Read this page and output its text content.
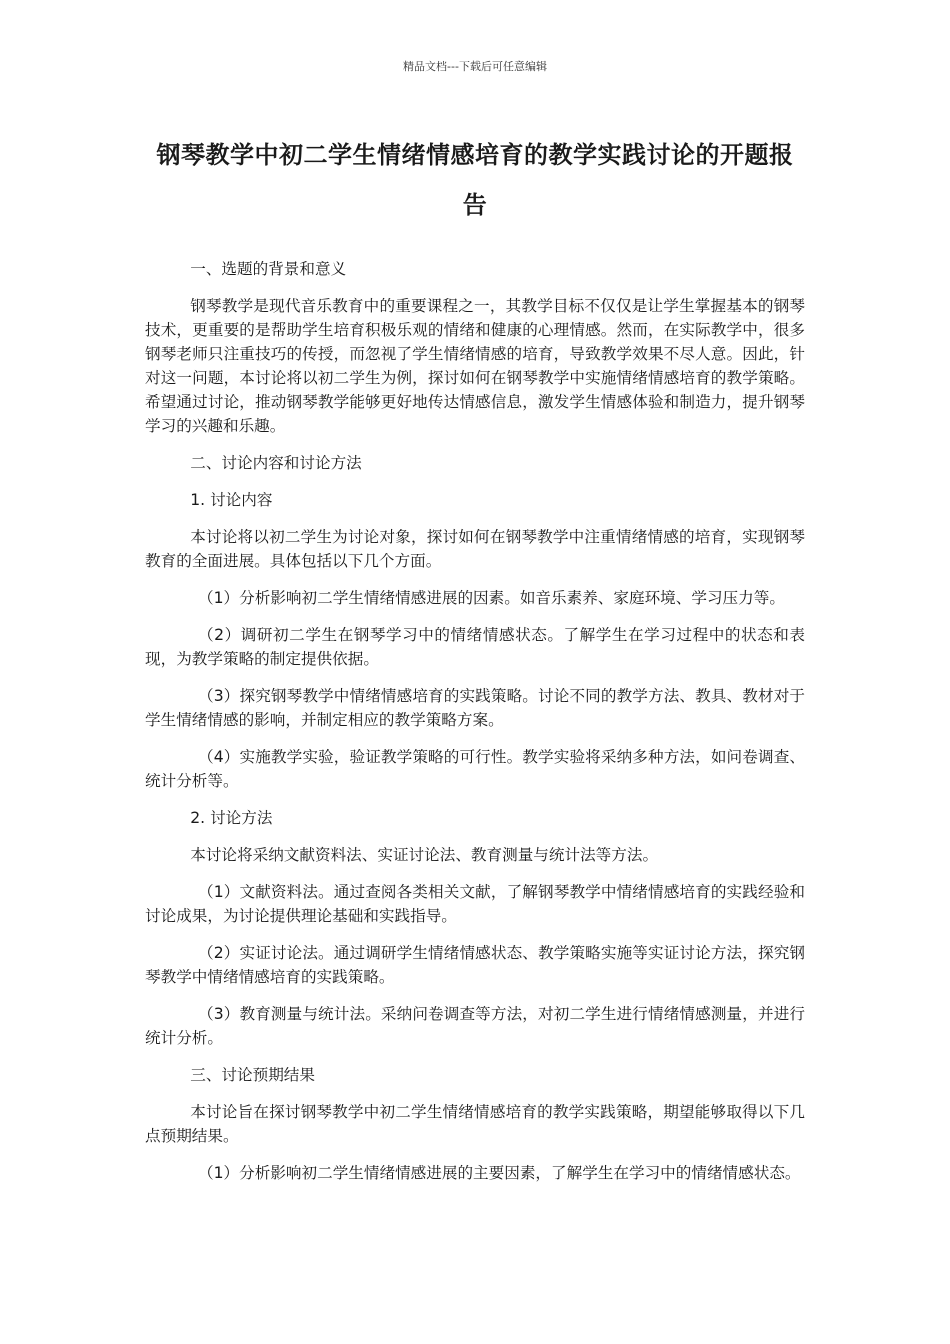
精品文档---下载后可任意编辑
钢琴教学中初二学生情绪情感培育的教学实践讨论的开题报告

一、选题的背景和意义

钢琴教学是现代音乐教育中的重要课程之一，其教学目标不仅仅是让学生掌握基本的钢琴技术，更重要的是帮助学生培育积极乐观的情绪和健康的心理情感。然而，在实际教学中，很多钢琴老师只注重技巧的传授，而忽视了学生情绪情感的培育，导致教学效果不尽人意。因此，针对这一问题，本讨论将以初二学生为例，探讨如何在钢琴教学中实施情绪情感培育的教学策略。希望通过讨论，推动钢琴教学能够更好地传达情感信息，激发学生情感体验和制造力，提升钢琴学习的兴趣和乐趣。

二、讨论内容和讨论方法

1. 讨论内容

本讨论将以初二学生为讨论对象，探讨如何在钢琴教学中注重情绪情感的培育，实现钢琴教育的全面进展。具体包括以下几个方面。

（1）分析影响初二学生情绪情感进展的因素。如音乐素养、家庭环境、学习压力等。

（2）调研初二学生在钢琴学习中的情绪情感状态。了解学生在学习过程中的状态和表现，为教学策略的制定提供依据。

（3）探究钢琴教学中情绪情感培育的实践策略。讨论不同的教学方法、教具、教材对于学生情绪情感的影响，并制定相应的教学策略方案。

（4）实施教学实验，验证教学策略的可行性。教学实验将采纳多种方法，如问卷调查、统计分析等。

2. 讨论方法

本讨论将采纳文献资料法、实证讨论法、教育测量与统计法等方法。

（1）文献资料法。通过查阅各类相关文献，了解钢琴教学中情绪情感培育的实践经验和讨论成果，为讨论提供理论基础和实践指导。

（2）实证讨论法。通过调研学生情绪情感状态、教学策略实施等实证讨论方法，探究钢琴教学中情绪情感培育的实践策略。

（3）教育测量与统计法。采纳问卷调查等方法，对初二学生进行情绪情感测量，并进行统计分析。

三、讨论预期结果

本讨论旨在探讨钢琴教学中初二学生情绪情感培育的教学实践策略，期望能够取得以下几点预期结果。

（1）分析影响初二学生情绪情感进展的主要因素，了解学生在学习中的情绪情感状态。
